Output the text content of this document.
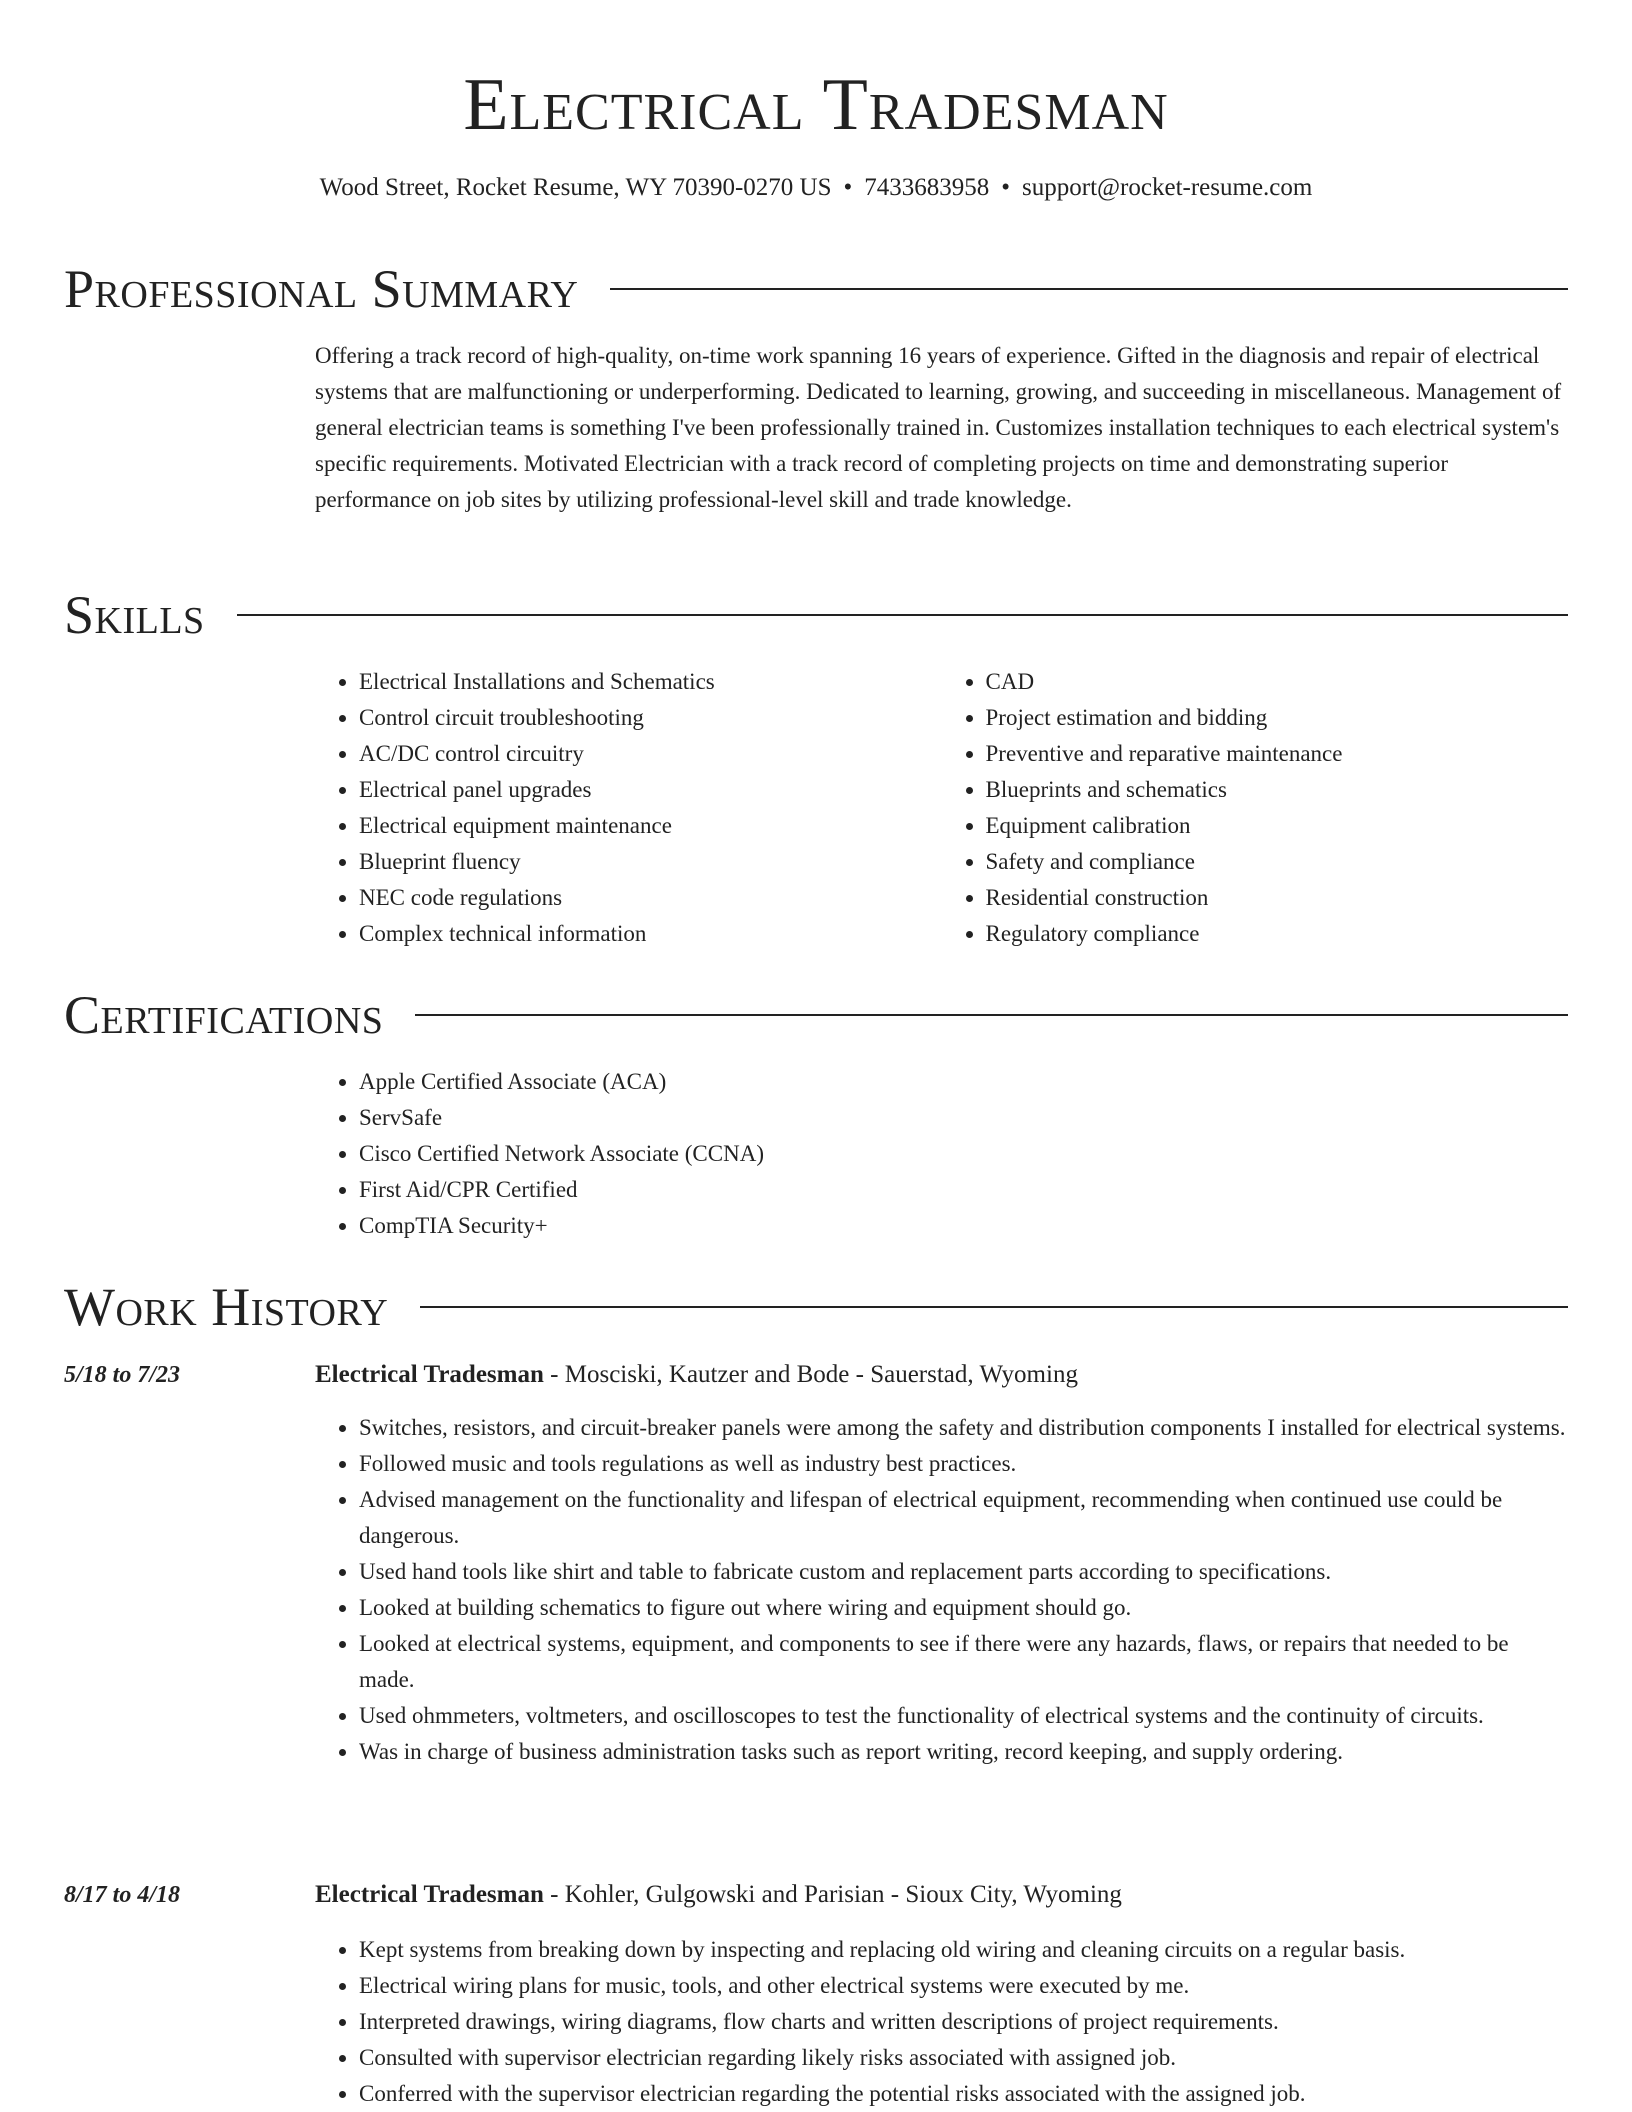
Electrical Tradesman
Wood Street, Rocket Resume, WY 70390-0270 US • 7433683958 • support@rocket-resume.com
Professional Summary

Offering a track record of high-quality, on-time work spanning 16 years of experience. Gifted in the diagnosis and repair of electrical systems that are malfunctioning or underperforming. Dedicated to learning, growing, and succeeding in miscellaneous. Management of general electrician teams is something I've been professionally trained in. Customizes installation techniques to each electrical system's specific requirements. Motivated Electrician with a track record of completing projects on time and demonstrating superior performance on job sites by utilizing professional-level skill and trade knowledge.

Skills
• Electrical Installations and Schematics
• Control circuit troubleshooting
• AC/DC control circuitry
• Electrical panel upgrades
• Electrical equipment maintenance
• Blueprint fluency
• NEC code regulations
• Complex technical information
• CAD
• Project estimation and bidding
• Preventive and reparative maintenance
• Blueprints and schematics
• Equipment calibration
• Safety and compliance
• Residential construction
• Regulatory compliance
Certifications
• Apple Certified Associate (ACA)
• ServSafe
• Cisco Certified Network Associate (CCNA)
• First Aid/CPR Certified
• CompTIA Security+
Work History
5/18 to 7/23	Electrical Tradesman - Mosciski, Kautzer and Bode - Sauerstad, Wyoming
• Switches, resistors, and circuit-breaker panels were among the safety and distribution components I installed for electrical systems.
• Followed music and tools regulations as well as industry best practices.
• Advised management on the functionality and lifespan of electrical equipment, recommending when continued use could be dangerous.
• Used hand tools like shirt and table to fabricate custom and replacement parts according to specifications.
• Looked at building schematics to figure out where wiring and equipment should go.
• Looked at electrical systems, equipment, and components to see if there were any hazards, flaws, or repairs that needed to be made.
• Used ohmmeters, voltmeters, and oscilloscopes to test the functionality of electrical systems and the continuity of circuits.
• Was in charge of business administration tasks such as report writing, record keeping, and supply ordering.
8/17 to 4/18	Electrical Tradesman - Kohler, Gulgowski and Parisian - Sioux City, Wyoming
• Kept systems from breaking down by inspecting and replacing old wiring and cleaning circuits on a regular basis.
• Electrical wiring plans for music, tools, and other electrical systems were executed by me.
• Interpreted drawings, wiring diagrams, flow charts and written descriptions of project requirements.
• Consulted with supervisor electrician regarding likely risks associated with assigned job.
• Conferred with the supervisor electrician regarding the potential risks associated with the assigned job.
